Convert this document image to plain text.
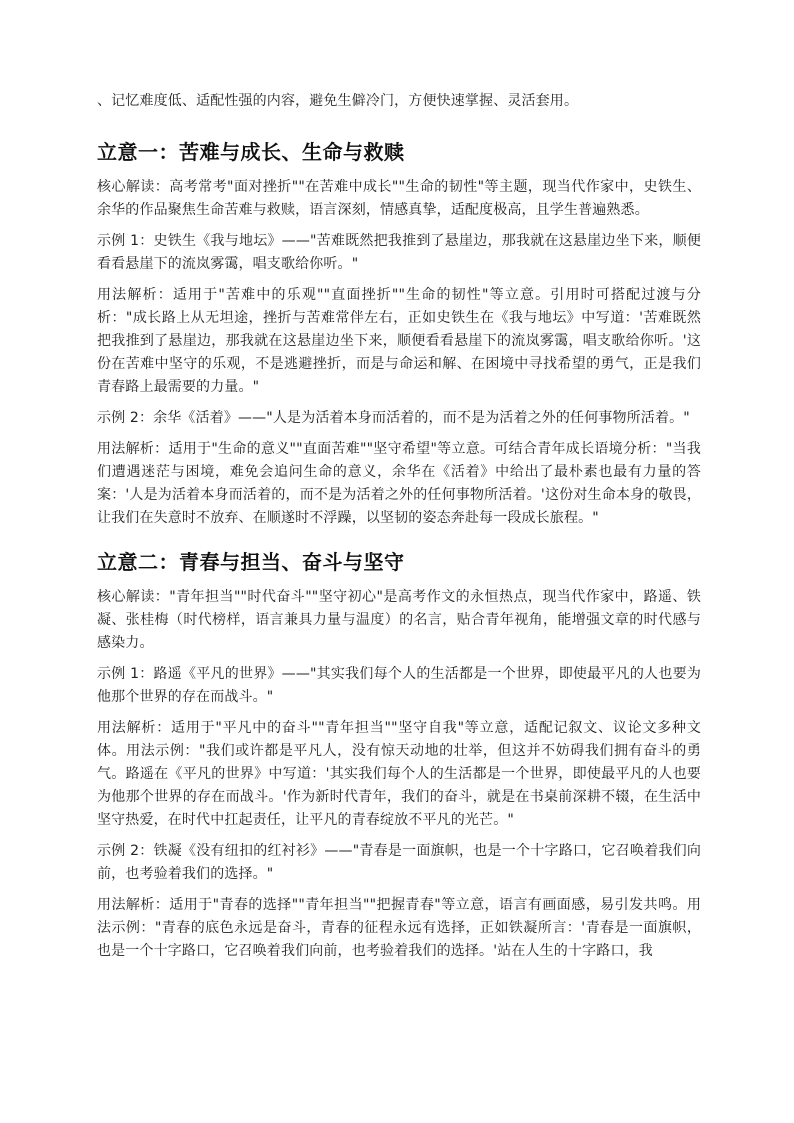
、记忆难度低、适配性强的内容，避免生僻冷门，方便快速掌握、灵活套用。

立意一：苦难与成长、生命与救赎

核心解读：高考常考"面对挫折""在苦难中成长""生命的韧性"等主题，现当代作家中，史铁生、余华的作品聚焦生命苦难与救赎，语言深刻，情感真挚，适配度极高，且学生普遍熟悉。

示例 1：史铁生《我与地坛》——"苦难既然把我推到了悬崖边，那我就在这悬崖边坐下来，顺便看看悬崖下的流岚雾霭，唱支歌给你听。"

用法解析：适用于"苦难中的乐观""直面挫折""生命的韧性"等立意。引用时可搭配过渡与分析："成长路上从无坦途，挫折与苦难常伴左右，正如史铁生在《我与地坛》中写道：'苦难既然把我推到了悬崖边，那我就在这悬崖边坐下来，顺便看看悬崖下的流岚雾霭，唱支歌给你听。'这份在苦难中坚守的乐观，不是逃避挫折，而是与命运和解、在困境中寻找希望的勇气，正是我们青春路上最需要的力量。"

示例 2：余华《活着》——"人是为活着本身而活着的，而不是为活着之外的任何事物所活着。"

用法解析：适用于"生命的意义""直面苦难""坚守希望"等立意。可结合青年成长语境分析："当我们遭遇迷茫与困境，难免会追问生命的意义，余华在《活着》中给出了最朴素也最有力量的答案：'人是为活着本身而活着的，而不是为活着之外的任何事物所活着。'这份对生命本身的敬畏，让我们在失意时不放弃、在顺遂时不浮躁，以坚韧的姿态奔赴每一段成长旅程。"

立意二：青春与担当、奋斗与坚守

核心解读："青年担当""时代奋斗""坚守初心"是高考作文的永恒热点，现当代作家中，路遥、铁凝、张桂梅（时代榜样，语言兼具力量与温度）的名言，贴合青年视角，能增强文章的时代感与感染力。

示例 1：路遥《平凡的世界》——"其实我们每个人的生活都是一个世界，即使最平凡的人也要为他那个世界的存在而战斗。"

用法解析：适用于"平凡中的奋斗""青年担当""坚守自我"等立意，适配记叙文、议论文多种文体。用法示例："我们或许都是平凡人，没有惊天动地的壮举，但这并不妨碍我们拥有奋斗的勇气。路遥在《平凡的世界》中写道：'其实我们每个人的生活都是一个世界，即使最平凡的人也要为他那个世界的存在而战斗。'作为新时代青年，我们的奋斗，就是在书桌前深耕不辍，在生活中坚守热爱，在时代中扛起责任，让平凡的青春绽放不平凡的光芒。"

示例 2：铁凝《没有纽扣的红衬衫》——"青春是一面旗帜，也是一个十字路口，它召唤着我们向前，也考验着我们的选择。"

用法解析：适用于"青春的选择""青年担当""把握青春"等立意，语言有画面感，易引发共鸣。用法示例："青春的底色永远是奋斗，青春的征程永远有选择，正如铁凝所言：'青春是一面旗帜，也是一个十字路口，它召唤着我们向前，也考验着我们的选择。'站在人生的十字路口，我
